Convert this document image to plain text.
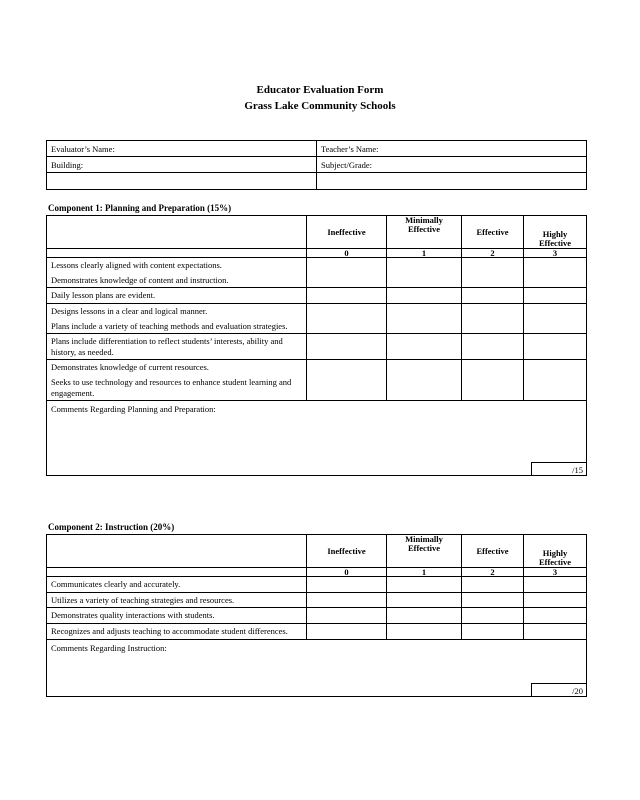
Educator Evaluation Form
Grass Lake Community Schools
Evaluator’s Name:	Teacher’s Name:
Building:	Subject/Grade:

Component 1: Planning and Preparation (15%)
	Ineffective	Minimally Effective	Effective	Highly Effective
	0	1	2	3

Lessons clearly aligned with content expectations.
Demonstrates knowledge of content and instruction.				

Daily lesson plans are evident.				

Designs lessons in a clear and logical manner.
Plans include a variety of teaching methods and evaluation strategies.				

Plans include differentiation to reflect students’ interests, ability and history, as needed.				

Demonstrates knowledge of current resources.
Seeks to use technology and resources to enhance student learning and engagement.				

Comments Regarding Planning and Preparation:
/15				
Component 2: Instruction (20%)
	Ineffective	Minimally Effective	Effective	Highly Effective
	0	1	2	3

Communicates clearly and accurately.				

Utilizes a variety of teaching strategies and resources.				

Demonstrates quality interactions with students.				

Recognizes and adjusts teaching to accommodate student differences.				

Comments Regarding Instruction:
/20				
